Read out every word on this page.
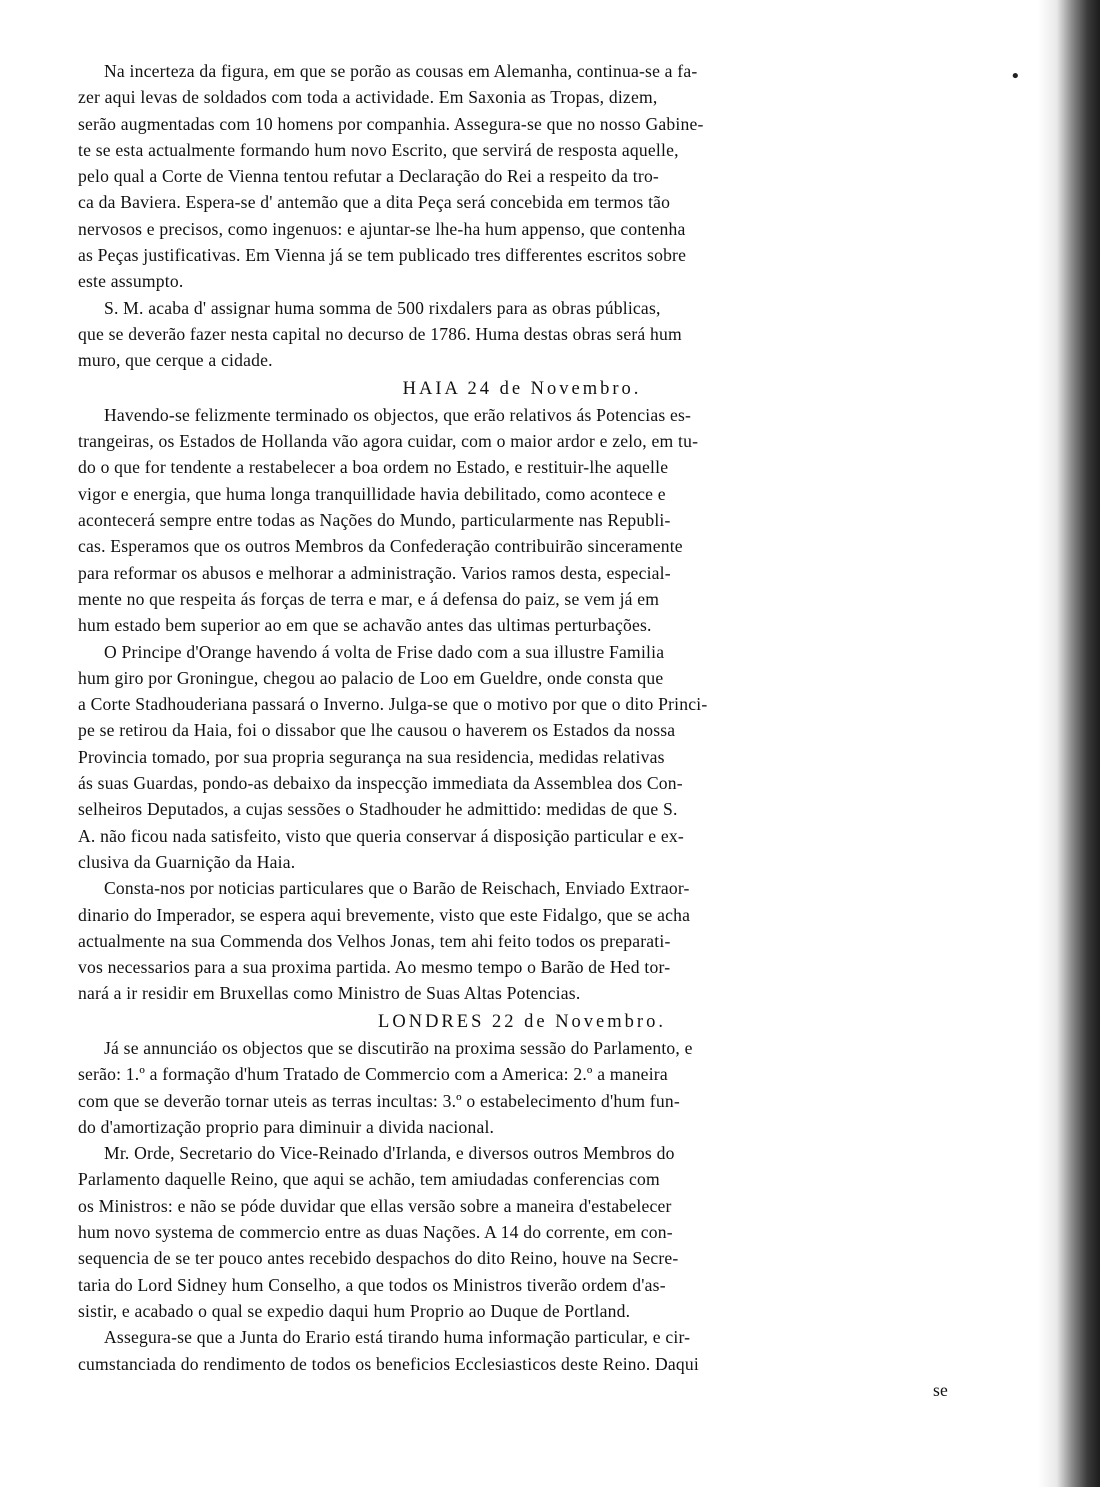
•
Na incerteza da figura, em que se porão as cousas em Alemanha, continua-se a fa-
zer aqui levas de soldados com toda a actividade. Em Saxonia as Tropas, dizem,
serão augmentadas com 10 homens por companhia. Assegura-se que no nosso Gabine-
te se esta actualmente formando hum novo Escrito, que servirá de resposta aquelle,
pelo qual a Corte de Vienna tentou refutar a Declaração do Rei a respeito da tro-
ca da Baviera. Espera-se d' antemão que a dita Peça será concebida em termos tão
nervosos e precisos, como ingenuos: e ajuntar-se lhe-ha hum appenso, que contenha
as Peças justificativas. Em Vienna já se tem publicado tres differentes escritos sobre
este assumpto.
S. M. acaba d' assignar huma somma de 500 rixdalers para as obras públicas,
que se deverão fazer nesta capital no decurso de 1786. Huma destas obras será hum
muro, que cerque a cidade.
HAIA 24 de Novembro.
Havendo-se felizmente terminado os objectos, que erão relativos ás Potencias es-
trangeiras, os Estados de Hollanda vão agora cuidar, com o maior ardor e zelo, em tu-
do o que for tendente a restabelecer a boa ordem no Estado, e restituir-lhe aquelle
vigor e energia, que huma longa tranquillidade havia debilitado, como acontece e
acontecerá sempre entre todas as Nações do Mundo, particularmente nas Republi-
cas. Esperamos que os outros Membros da Confederação contribuirão sinceramente
para reformar os abusos e melhorar a administração. Varios ramos desta, especial-
mente no que respeita ás forças de terra e mar, e á defensa do paiz, se vem já em
hum estado bem superior ao em que se achavão antes das ultimas perturbações.
O Principe d'Orange havendo á volta de Frise dado com a sua illustre Familia
hum giro por Groningue, chegou ao palacio de Loo em Gueldre, onde consta que
a Corte Stadhouderiana passará o Inverno. Julga-se que o motivo por que o dito Princi-
pe se retirou da Haia, foi o dissabor que lhe causou o haverem os Estados da nossa
Provincia tomado, por sua propria segurança na sua residencia, medidas relativas
ás suas Guardas, pondo-as debaixo da inspecção immediata da Assemblea dos Con-
selheiros Deputados, a cujas sessões o Stadhouder he admittido: medidas de que S.
A. não ficou nada satisfeito, visto que queria conservar á disposição particular e ex-
clusiva da Guarnição da Haia.
Consta-nos por noticias particulares que o Barão de Reischach, Enviado Extraor-
dinario do Imperador, se espera aqui brevemente, visto que este Fidalgo, que se acha
actualmente na sua Commenda dos Velhos Jonas, tem ahi feito todos os preparati-
vos necessarios para a sua proxima partida. Ao mesmo tempo o Barão de Hed tor-
nará a ir residir em Bruxellas como Ministro de Suas Altas Potencias.
LONDRES 22 de Novembro.
Já se annunciáo os objectos que se discutirão na proxima sessão do Parlamento, e
serão: 1.º a formação d'hum Tratado de Commercio com a America: 2.º a maneira
com que se deverão tornar uteis as terras incultas: 3.º o estabelecimento d'hum fun-
do d'amortização proprio para diminuir a divida nacional.
Mr. Orde, Secretario do Vice-Reinado d'Irlanda, e diversos outros Membros do
Parlamento daquelle Reino, que aqui se achão, tem amiudadas conferencias com
os Ministros: e não se póde duvidar que ellas versão sobre a maneira d'estabelecer
hum novo systema de commercio entre as duas Nações. A 14 do corrente, em con-
sequencia de se ter pouco antes recebido despachos do dito Reino, houve na Secre-
taria do Lord Sidney hum Conselho, a que todos os Ministros tiverão ordem d'as-
sistir, e acabado o qual se expedio daqui hum Proprio ao Duque de Portland.
Assegura-se que a Junta do Erario está tirando huma informação particular, e cir-
cumstanciada do rendimento de todos os beneficios Ecclesiasticos deste Reino. Daqui
se
